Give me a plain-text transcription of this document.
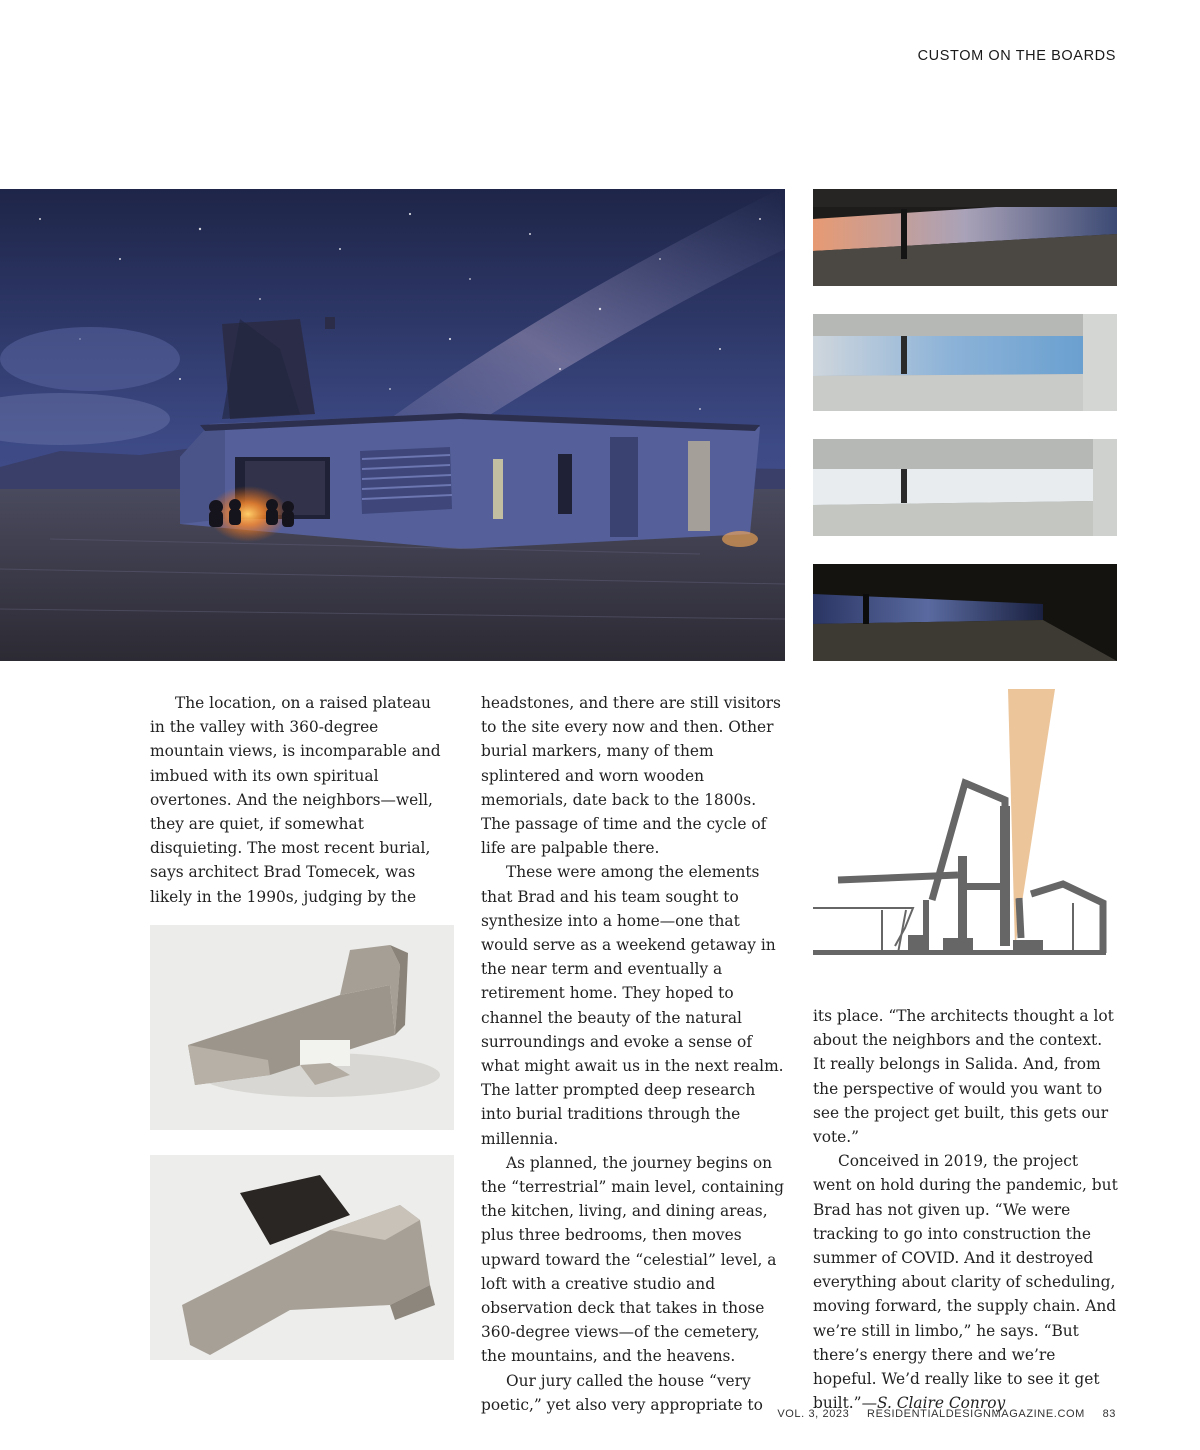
CUSTOM ON THE BOARDS

The location, on a raised plateau in the valley with 360-degree mountain views, is incomparable and imbued with its own spiritual overtones. And the neighbors—well, they are quiet, if somewhat disquieting. The most recent burial, says architect Brad Tomecek, was likely in the 1990s, judging by the

headstones, and there are still visitors to the site every now and then. Other burial markers, many of them splintered and worn wooden memorials, date back to the 1800s. The passage of time and the cycle of life are palpable there.

These were among the elements that Brad and his team sought to synthesize into a home—one that would serve as a weekend getaway in the near term and eventually a retirement home. They hoped to channel the beauty of the natural surroundings and evoke a sense of what might await us in the next realm. The latter prompted deep research into burial traditions through the millennia.

As planned, the journey begins on the “terrestrial” main level, containing the kitchen, living, and dining areas, plus three bedrooms, then moves upward toward the “celestial” level, a loft with a creative studio and observation deck that takes in those 360-degree views—of the cemetery, the mountains, and the heavens.

Our jury called the house “very poetic,” yet also very appropriate to

its place. “The architects thought a lot about the neighbors and the context. It really belongs in Salida. And, from the perspective of would you want to see the project get built, this gets our vote.”

Conceived in 2019, the project went on hold during the pandemic, but Brad has not given up. “We were tracking to go into construction the summer of COVID. And it destroyed everything about clarity of scheduling, moving forward, the supply chain. And we’re still in limbo,” he says. “But there’s energy there and we’re hopeful. We’d really like to see it get built.”—S. Claire Conroy

VOL. 3, 2023 RESIDENTIALDESIGNMAGAZINE.COM 83
